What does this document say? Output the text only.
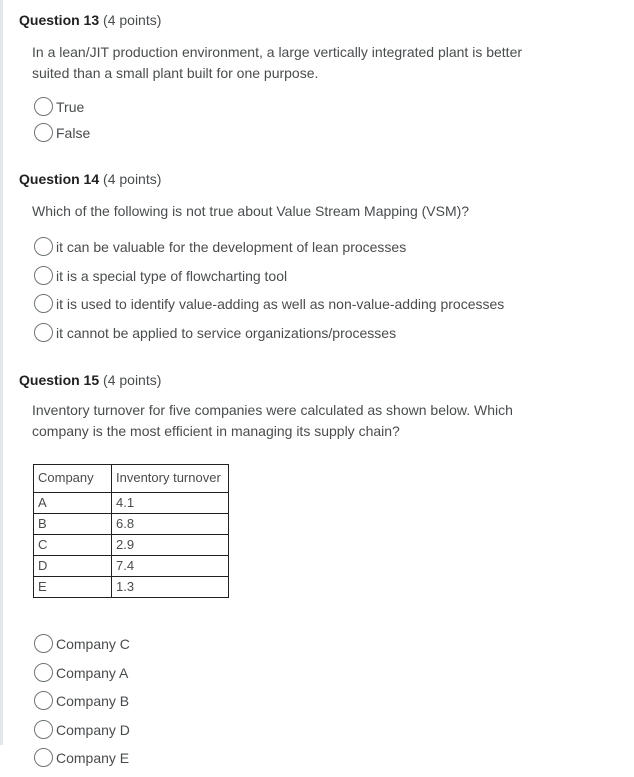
Question 13 (4 points)
In a lean/JIT production environment, a large vertically integrated plant is better suited than a small plant built for one purpose.
True
False
Question 14 (4 points)
Which of the following is not true about Value Stream Mapping (VSM)?
it can be valuable for the development of lean processes
it is a special type of flowcharting tool
it is used to identify value-adding as well as non-value-adding processes
it cannot be applied to service organizations/processes
Question 15 (4 points)
Inventory turnover for five companies were calculated as shown below. Which company is the most efficient in managing its supply chain?
Company	Inventory turnover
A	4.1
B	6.8
C	2.9
D	7.4
E	1.3
Company C
Company A
Company B
Company D
Company E
